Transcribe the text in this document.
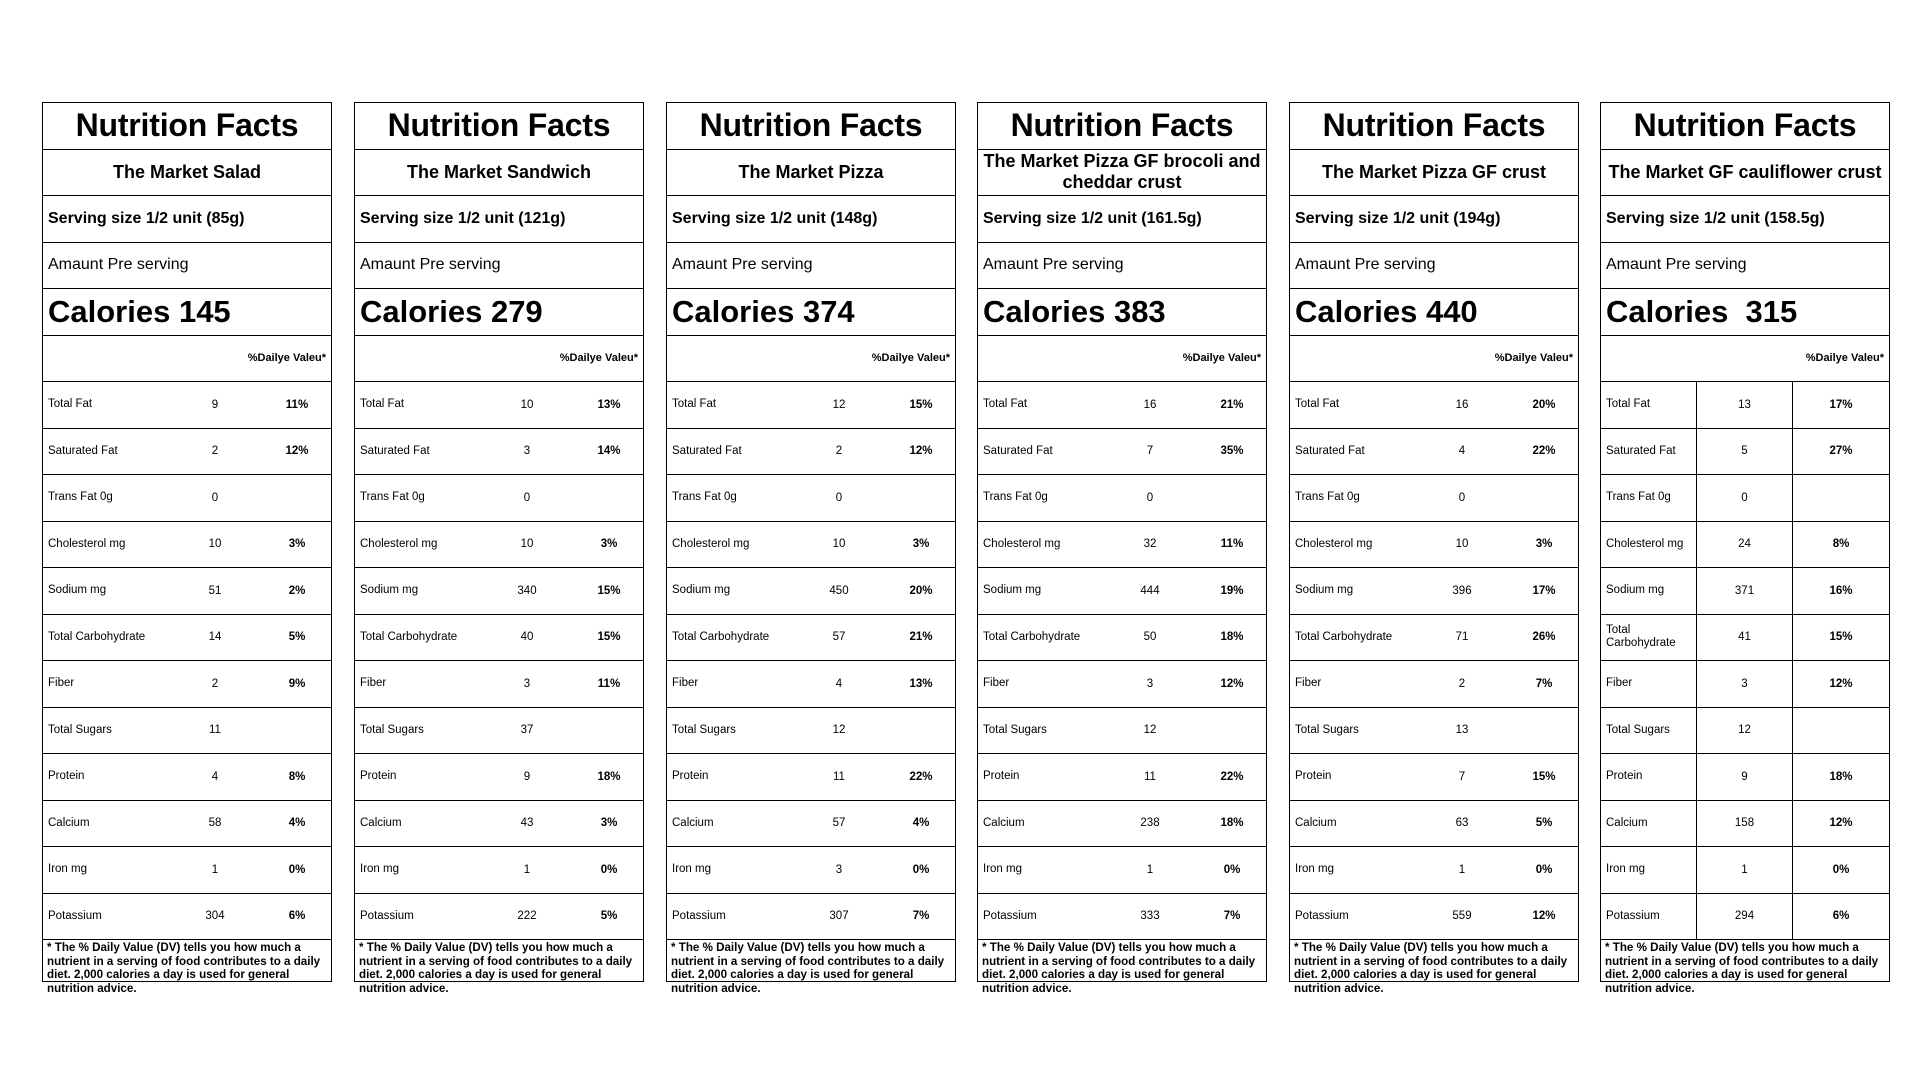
Nutrition Facts
The Market Salad
Serving size 1/2 unit (85g)
Amaunt Pre serving
Calories 145
%Dailye Valeu*
Total Fat	9	11%
Saturated Fat	2	12%
Trans Fat 0g	0
Cholesterol mg	10	3%
Sodium mg	51	2%
Total Carbohydrate	14	5%
Fiber	2	9%
Total Sugars	11
Protein	4	8%
Calcium	58	4%
Iron mg	1	0%
Potassium	304	6%
* The % Daily Value (DV) tells you how much a nutrient in a serving of food contributes to a daily diet. 2,000 calories a day is used for general nutrition advice.
Nutrition Facts
The Market Sandwich
Serving size 1/2 unit (121g)
Amaunt Pre serving
Calories 279
%Dailye Valeu*
Total Fat	10	13%
Saturated Fat	3	14%
Trans Fat 0g	0
Cholesterol mg	10	3%
Sodium mg	340	15%
Total Carbohydrate	40	15%
Fiber	3	11%
Total Sugars	37
Protein	9	18%
Calcium	43	3%
Iron mg	1	0%
Potassium	222	5%
* The % Daily Value (DV) tells you how much a nutrient in a serving of food contributes to a daily diet. 2,000 calories a day is used for general nutrition advice.
Nutrition Facts
The Market Pizza
Serving size 1/2 unit (148g)
Amaunt Pre serving
Calories 374
%Dailye Valeu*
Total Fat	12	15%
Saturated Fat	2	12%
Trans Fat 0g	0
Cholesterol mg	10	3%
Sodium mg	450	20%
Total Carbohydrate	57	21%
Fiber	4	13%
Total Sugars	12
Protein	11	22%
Calcium	57	4%
Iron mg	3	0%
Potassium	307	7%
* The % Daily Value (DV) tells you how much a nutrient in a serving of food contributes to a daily diet. 2,000 calories a day is used for general nutrition advice.
Nutrition Facts
The Market Pizza GF brocoli and cheddar crust
Serving size 1/2 unit (161.5g)
Amaunt Pre serving
Calories 383
%Dailye Valeu*
Total Fat	16	21%
Saturated Fat	7	35%
Trans Fat 0g	0
Cholesterol mg	32	11%
Sodium mg	444	19%
Total Carbohydrate	50	18%
Fiber	3	12%
Total Sugars	12
Protein	11	22%
Calcium	238	18%
Iron mg	1	0%
Potassium	333	7%
* The % Daily Value (DV) tells you how much a nutrient in a serving of food contributes to a daily diet. 2,000 calories a day is used for general nutrition advice.
Nutrition Facts
The Market Pizza GF crust
Serving size 1/2 unit (194g)
Amaunt Pre serving
Calories 440
%Dailye Valeu*
Total Fat	16	20%
Saturated Fat	4	22%
Trans Fat 0g	0
Cholesterol mg	10	3%
Sodium mg	396	17%
Total Carbohydrate	71	26%
Fiber	2	7%
Total Sugars	13
Protein	7	15%
Calcium	63	5%
Iron mg	1	0%
Potassium	559	12%
* The % Daily Value (DV) tells you how much a nutrient in a serving of food contributes to a daily diet. 2,000 calories a day is used for general nutrition advice.
Nutrition Facts
The Market GF cauliflower crust
Serving size 1/2 unit (158.5g)
Amaunt Pre serving
Calories  315
%Dailye Valeu*
Total Fat	13	17%
Saturated Fat	5	27%
Trans Fat 0g	0
Cholesterol mg	24	8%
Sodium mg	371	16%
Total Carbohydrate	41	15%
Fiber	3	12%
Total Sugars	12
Protein	9	18%
Calcium	158	12%
Iron mg	1	0%
Potassium	294	6%
* The % Daily Value (DV) tells you how much a nutrient in a serving of food contributes to a daily diet. 2,000 calories a day is used for general nutrition advice.
